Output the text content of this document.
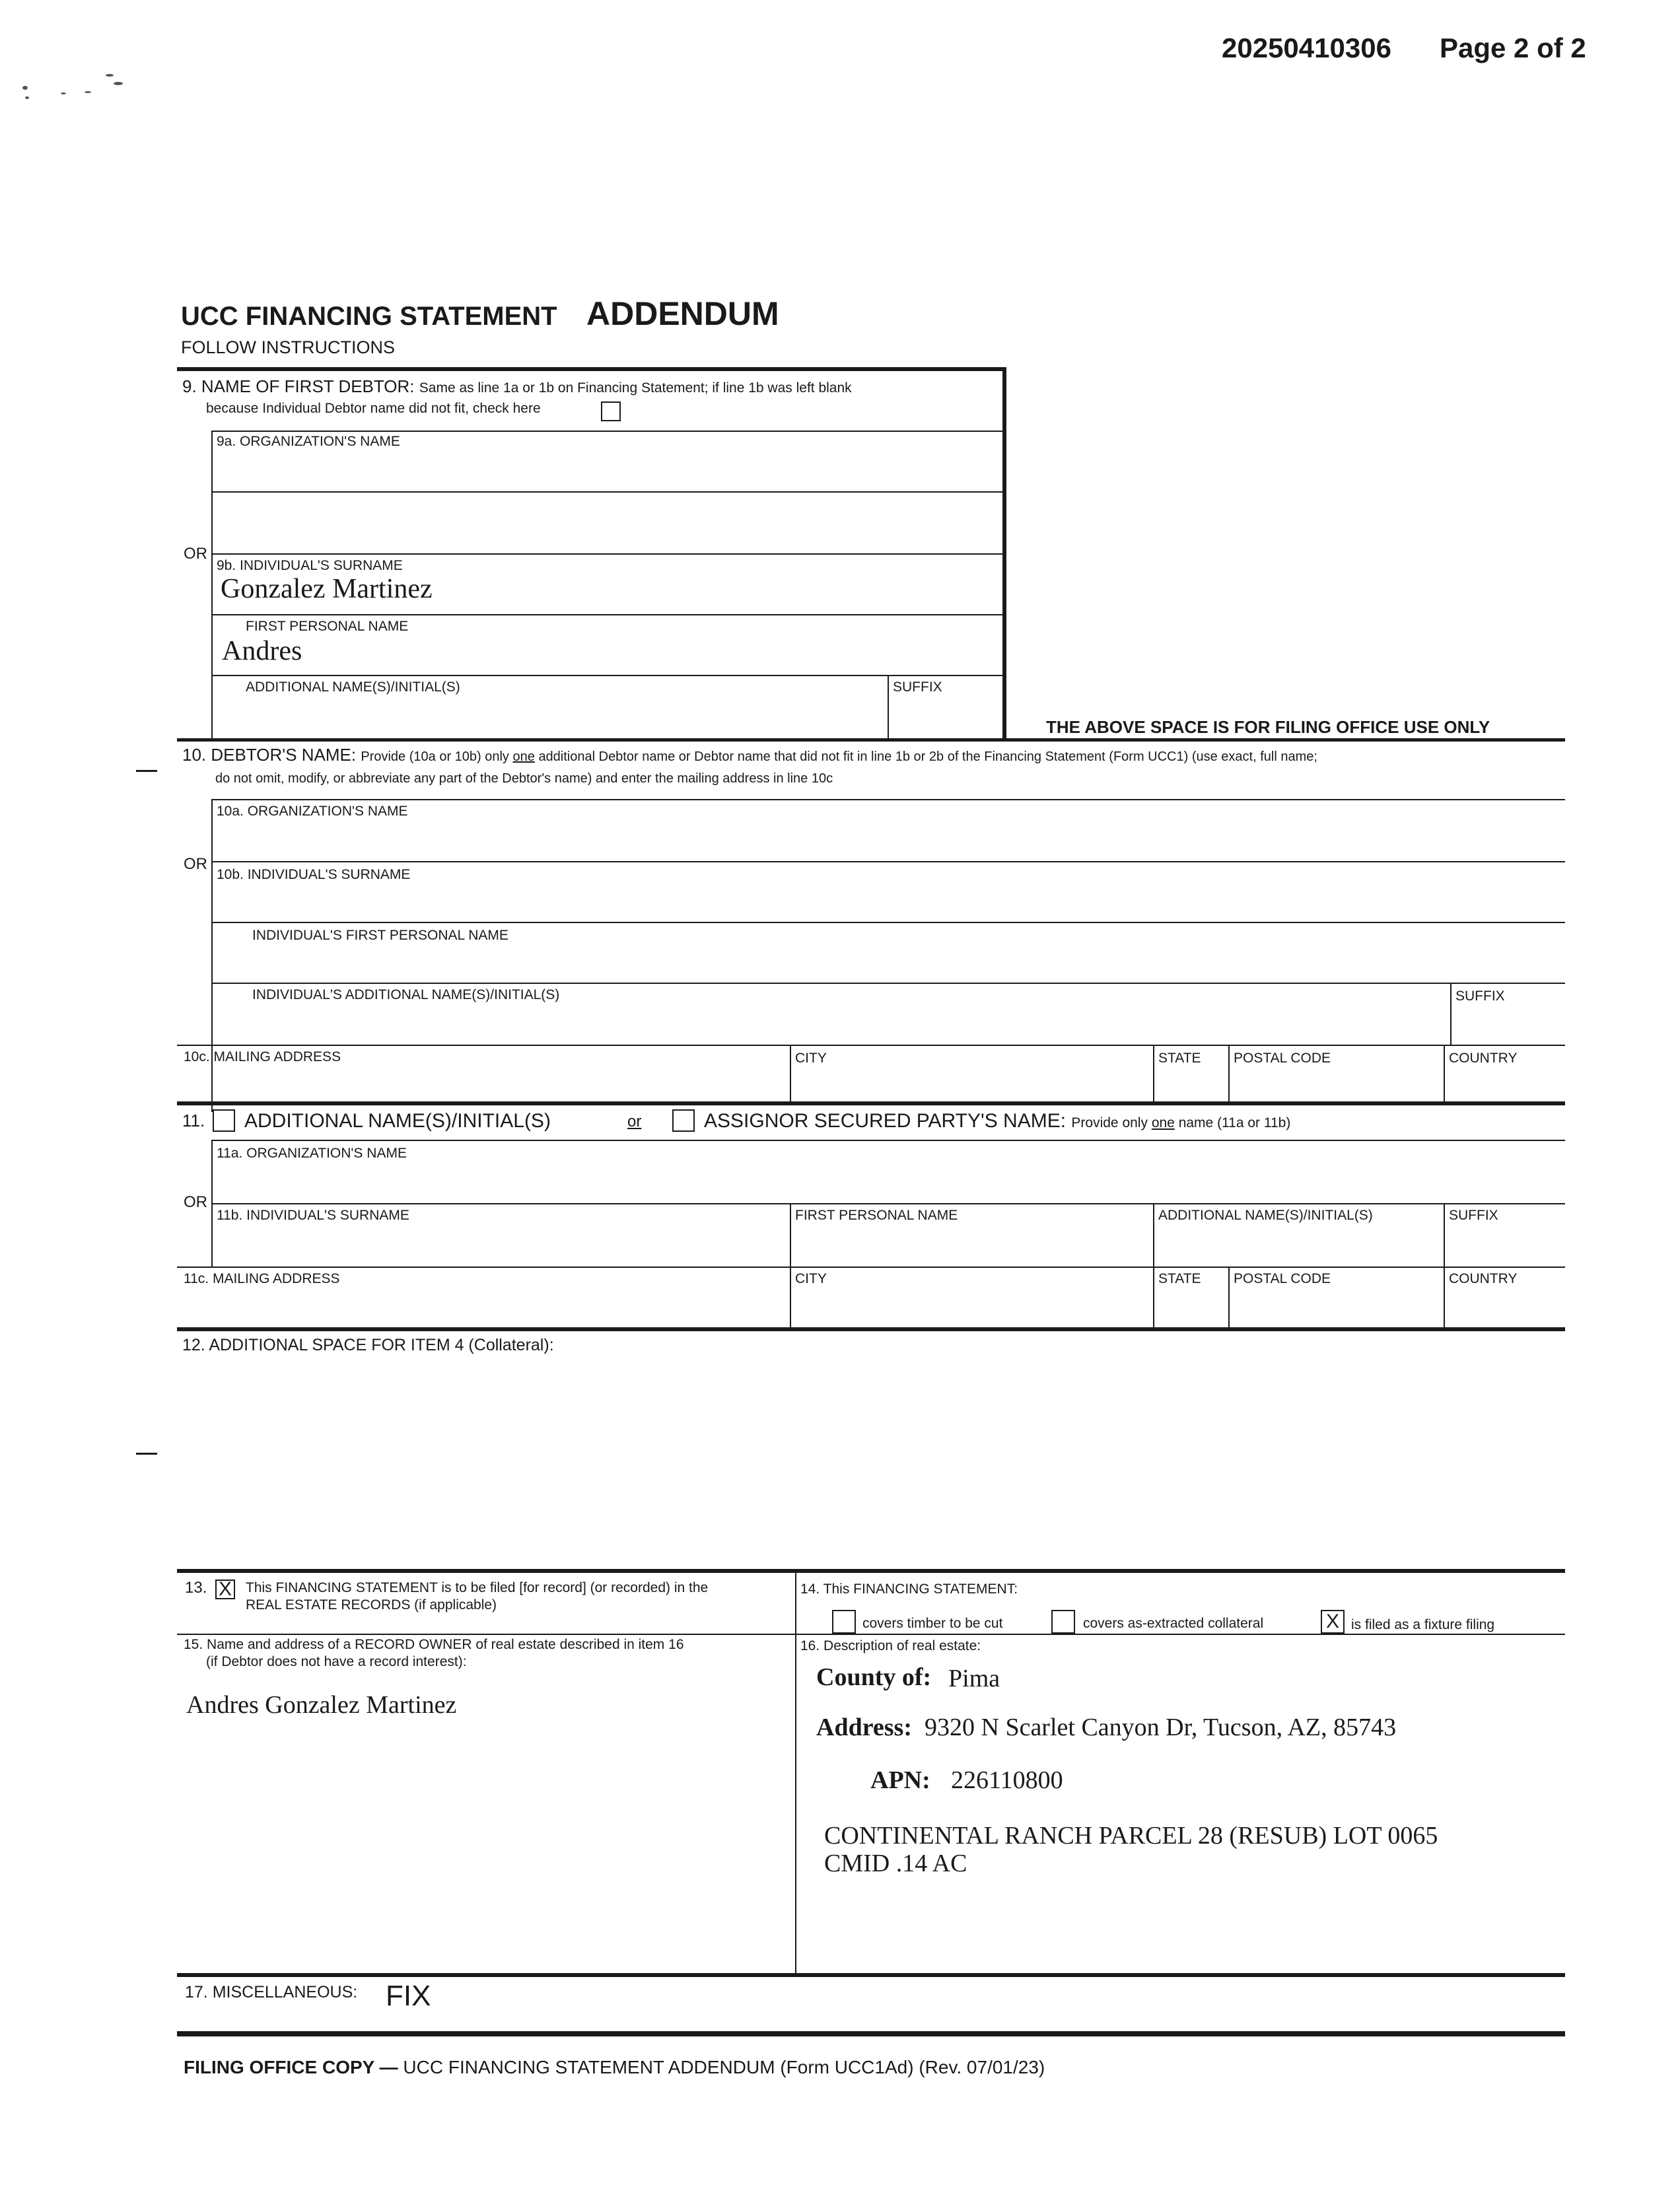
20250410306 Page 2 of 2
UCC FINANCING STATEMENT ADDENDUM
FOLLOW INSTRUCTIONS
9. NAME OF FIRST DEBTOR: Same as line 1a or 1b on Financing Statement; if line 1b was left blank
because Individual Debtor name did not fit, check here
9a. ORGANIZATION'S NAME
OR
9b. INDIVIDUAL'S SURNAME
Gonzalez Martinez
FIRST PERSONAL NAME
Andres
ADDITIONAL NAME(S)/INITIAL(S)	SUFFIX
THE ABOVE SPACE IS FOR FILING OFFICE USE ONLY
10. DEBTOR'S NAME: Provide (10a or 10b) only one additional Debtor name or Debtor name that did not fit in line 1b or 2b of the Financing Statement (Form UCC1) (use exact, full name;
do not omit, modify, or abbreviate any part of the Debtor's name) and enter the mailing address in line 10c
10a. ORGANIZATION'S NAME
OR
10b. INDIVIDUAL'S SURNAME
INDIVIDUAL'S FIRST PERSONAL NAME
INDIVIDUAL'S ADDITIONAL NAME(S)/INITIAL(S)	SUFFIX
10c. MAILING ADDRESS	CITY	STATE POSTAL CODE	COUNTRY
11. ADDITIONAL NAME(S)/INITIAL(S)	or	ASSIGNOR SECURED PARTY'S NAME: Provide only one name (11a or 11b)
11a. ORGANIZATION'S NAME
OR
11b. INDIVIDUAL'S SURNAME	FIRST PERSONAL NAME	ADDITIONAL NAME(S)/INITIAL(S)	SUFFIX
11c. MAILING ADDRESS	CITY	STATE POSTAL CODE	COUNTRY
12. ADDITIONAL SPACE FOR ITEM 4 (Collateral):
13. X This FINANCING STATEMENT is to be filed [for record] (or recorded) in the
REAL ESTATE RECORDS (if applicable)
14. This FINANCING STATEMENT:
covers timber to be cut	covers as-extracted collateral	X is filed as a fixture filing
15. Name and address of a RECORD OWNER of real estate described in item 16
(if Debtor does not have a record interest):
Andres Gonzalez Martinez
16. Description of real estate:
County of: Pima
Address: 9320 N Scarlet Canyon Dr, Tucson, AZ, 85743
APN: 226110800
CONTINENTAL RANCH PARCEL 28 (RESUB) LOT 0065
CMID .14 AC
17. MISCELLANEOUS: FIX
FILING OFFICE COPY — UCC FINANCING STATEMENT ADDENDUM (Form UCC1Ad) (Rev. 07/01/23)
